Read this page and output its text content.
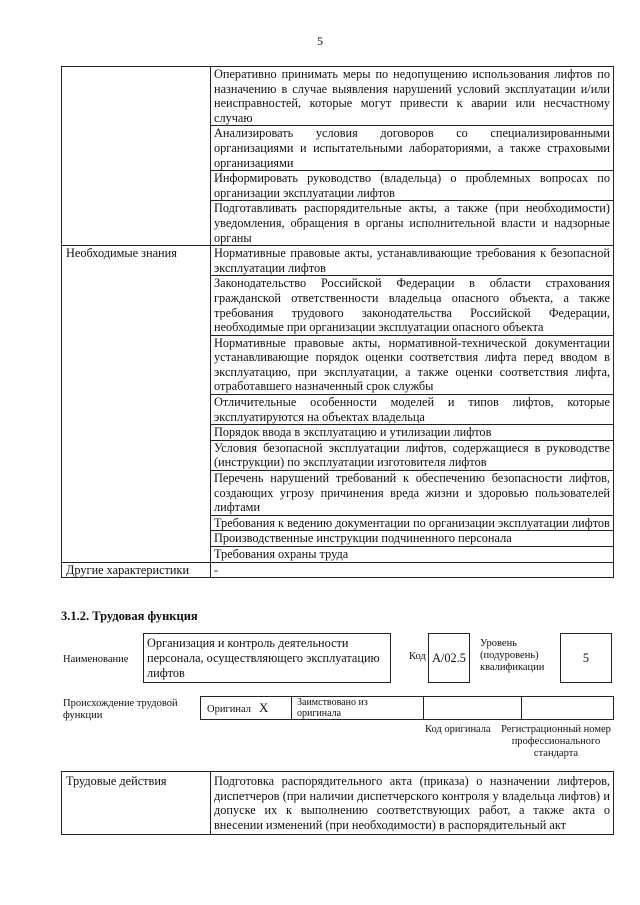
5
	Оперативно принимать меры по недопущению использования лифтов по назначению в случае выявления нарушений условий эксплуатации и/или неисправностей, которые могут привести к аварии или несчастному случаю
	Анализировать условия договоров со специализированными организациями и испытательными лабораториями, а также страховыми организациями
	Информировать руководство (владельца) о проблемных вопросах по организации эксплуатации лифтов
	Подготавливать распорядительные акты, а также (при необходимости) уведомления, обращения в органы исполнительной власти и надзорные органы
Необходимые знания	Нормативные правовые акты, устанавливающие требования к безопасной эксплуатации лифтов
	Законодательство Российской Федерации в области страхования гражданской ответственности владельца опасного объекта, а также требования трудового законодательства Российской Федерации, необходимые при организации эксплуатации опасного объекта
	Нормативные правовые акты, нормативной-технической документации устанавливающие порядок оценки соответствия лифта перед вводом в эксплуатацию, при эксплуатации, а также оценки соответствия лифта, отработавшего назначенный срок службы
	Отличительные особенности моделей и типов лифтов, которые эксплуатируются на объектах владельца
	Порядок ввода в эксплуатацию и утилизации лифтов
	Условия безопасной эксплуатации лифтов, содержащиеся в руководстве (инструкции) по эксплуатации изготовителя лифтов
	Перечень нарушений требований к обеспечению безопасности лифтов, создающих угрозу причинения вреда жизни и здоровью пользователей лифтами
	Требования к ведению документации по организации эксплуатации лифтов
	Производственные инструкции подчиненного персонала
	Требования охраны труда
Другие характеристики	-
3.1.2. Трудовая функция
Наименование
Организация и контроль деятельности персонала, осуществляющего эксплуатацию лифтов
Код А/02.5
Уровень (подуровень) квалификации
5
Происхождение трудовой функции
Оригинал Х	Заимствовано из оригинала
Код оригинала Регистрационный номер профессионального стандарта
Трудовые действия	Подготовка распорядительного акта (приказа) о назначении лифтеров, диспетчеров (при наличии диспетчерского контроля у владельца лифтов) и допуске их к выполнению соответствующих работ, а также акта о внесении изменений (при необходимости) в распорядительный акт
